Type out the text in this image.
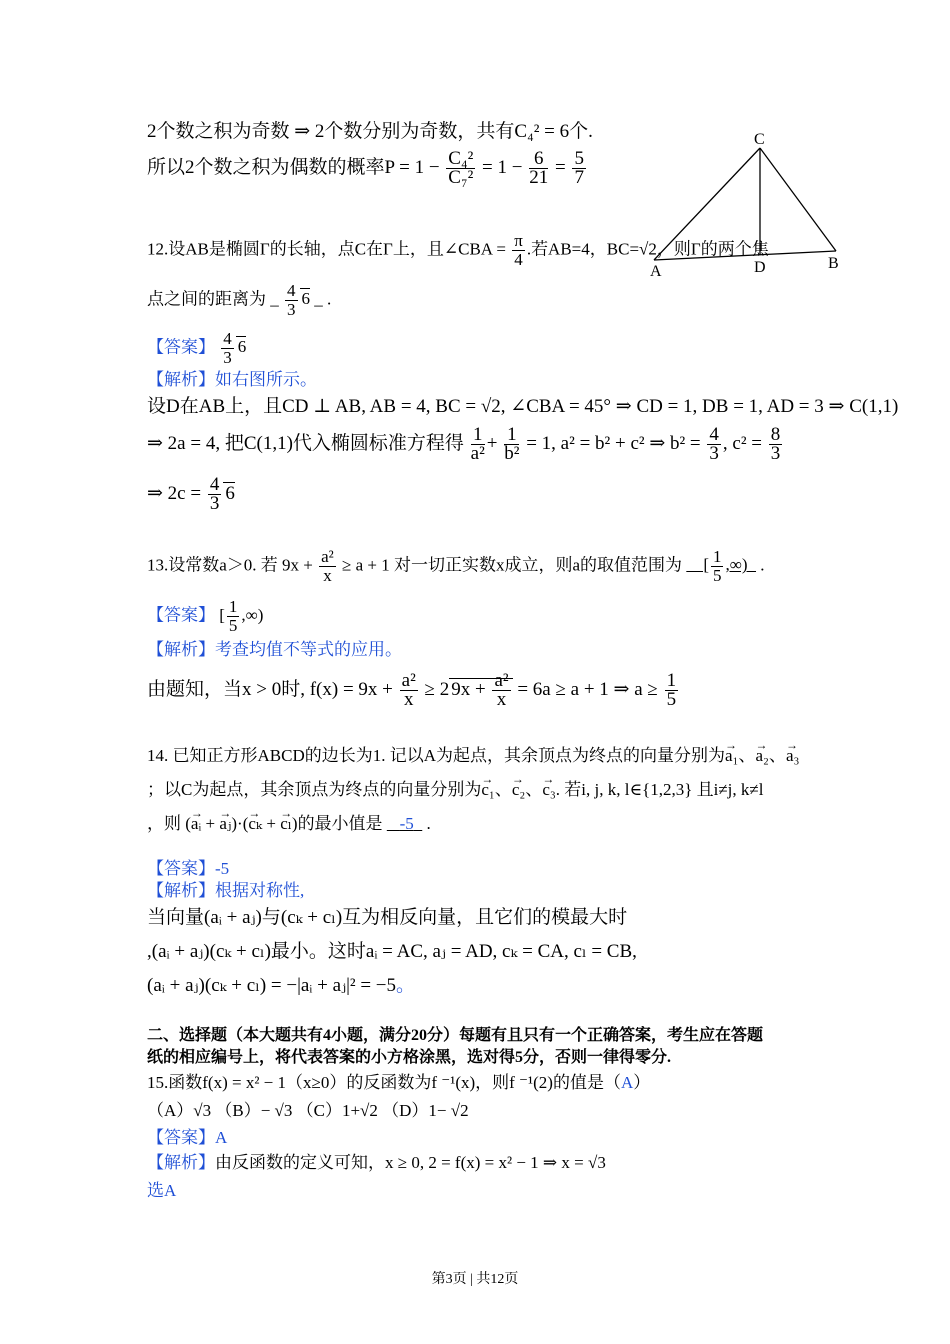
C
A	D	B
2个数之积为奇数 ⇒ 2个数分别为奇数，共有C₄² = 6个.
所以2个数之积为偶数的概率$P = 1 - \frac{\text{C₄²}}{\text{C₇²}} = 1 - \frac{6}{21} = \frac{5}{7}$
12.设AB是椭圆Γ的长轴，点C在Γ上，且∠CBA = $\frac{\pi}{4}$ .若AB=4，BC=√2，则Γ的两个焦
点之间的距离为 _ $\frac{4}{3} 6$ _ .
【答案】 $\frac{4}{3} 6$
【解析】如右图所示。
设D在AB上，且CD ⊥ AB, AB = 4, BC = √2, ∠CBA = 45° ⇒ CD = 1, DB = 1, AD = 3 ⇒ C(1,1)
⇒ 2a = 4, 把C(1,1)代入椭圆标准方程得 $\frac{1}{\text{a²}} + \frac{1}{\text{b²}} = 1$, a² = b² + c² ⇒ $b^2 = \frac{4}{3}$ , $c^2 = \frac{8}{3}$
⇒ $2c = \frac{4}{3} 6$
13.设常数a＞0. 若 $9x + \frac{\text{a²}}{x} \ge a + 1$ 对一切正实数x成立，则a的取值范围为     [ $\frac{1}{5}$ ,∞)   .
【答案】 [ $\frac{1}{5}$ ,∞)
【解析】考查均值不等式的应用。
由题知，当x > 0时, $f(x) = 9x + \frac{\text{a²}}{x} \ge 2$ $9x + \frac{\text{a²}}{x} = 6a \ge a + 1$ ⇒ $a \ge \frac{1}{5}$
14. 已知正方形ABCD的边长为1. 记以A为起点，其余顶点为终点的向量分别为→ a₁、→ a₂、→ a₃
；以C为起点，其余顶点为终点的向量分别为→ c₁、→ c₂、→ c₃. 若i, j, k, l∈{1,2,3} 且i≠j, k≠l
，则 (→ aᵢ + → aⱼ)·(→ cₖ + → cₗ)的最小值是 -5   .
【答案】-5
【解析】根据对称性,
当向量(aᵢ + aⱼ)与(cₖ + cₗ)互为相反向量，且它们的模最大时
,(aᵢ + aⱼ)(cₖ + cₗ)最小。这时aᵢ = AC, aⱼ = AD, cₖ = CA, cₗ = CB,
(aᵢ + aⱼ)(cₖ + cₗ) = −|aᵢ + aⱼ|² = −5。
二、选择题（本大题共有4小题，满分20分）每题有且只有一个正确答案，考生应在答题
纸的相应编号上，将代表答案的小方格涂黑，选对得5分，否则一律得零分.
15.函数f(x) = x² − 1（x≥0）的反函数为f ⁻¹(x)，则f ⁻¹(2)的值是（A）
（A）√3 （B）− √3 （C）1+√2 （D）1− √2
【答案】A
【解析】由反函数的定义可知，x ≥ 0, 2 = f(x) = x² − 1 ⇒ x = √3
选A
第3页 | 共12页
